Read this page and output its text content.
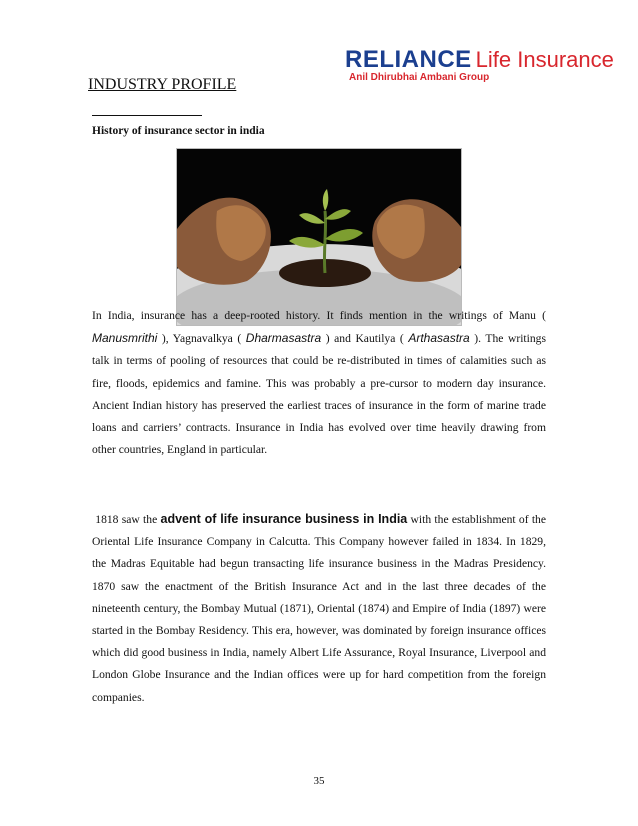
RELIANCE Life Insurance
Anil Dhirubhai Ambani Group
INDUSTRY PROFILE
History of insurance sector in india
In India, insurance has a deep-rooted history. It finds mention in the writings of Manu ( Manusmrithi ), Yagnavalkya ( Dharmasastra ) and Kautilya ( Arthasastra ). The writings talk in terms of pooling of resources that could be re-distributed in times of calamities such as fire, floods, epidemics and famine. This was probably a pre-cursor to modern day insurance. Ancient Indian history has preserved the earliest traces of insurance in the form of marine trade loans and carriers’ contracts. Insurance in India has evolved over time heavily drawing from other countries, England in particular.
1818 saw the advent of life insurance business in India with the establishment of the Oriental Life Insurance Company in Calcutta. This Company however failed in 1834. In 1829, the Madras Equitable had begun transacting life insurance business in the Madras Presidency. 1870 saw the enactment of the British Insurance Act and in the last three decades of the nineteenth century, the Bombay Mutual (1871), Oriental (1874) and Empire of India (1897) were started in the Bombay Residency. This era, however, was dominated by foreign insurance offices which did good business in India, namely Albert Life Assurance, Royal Insurance, Liverpool and London Globe Insurance and the Indian offices were up for hard competition from the foreign companies.
35
